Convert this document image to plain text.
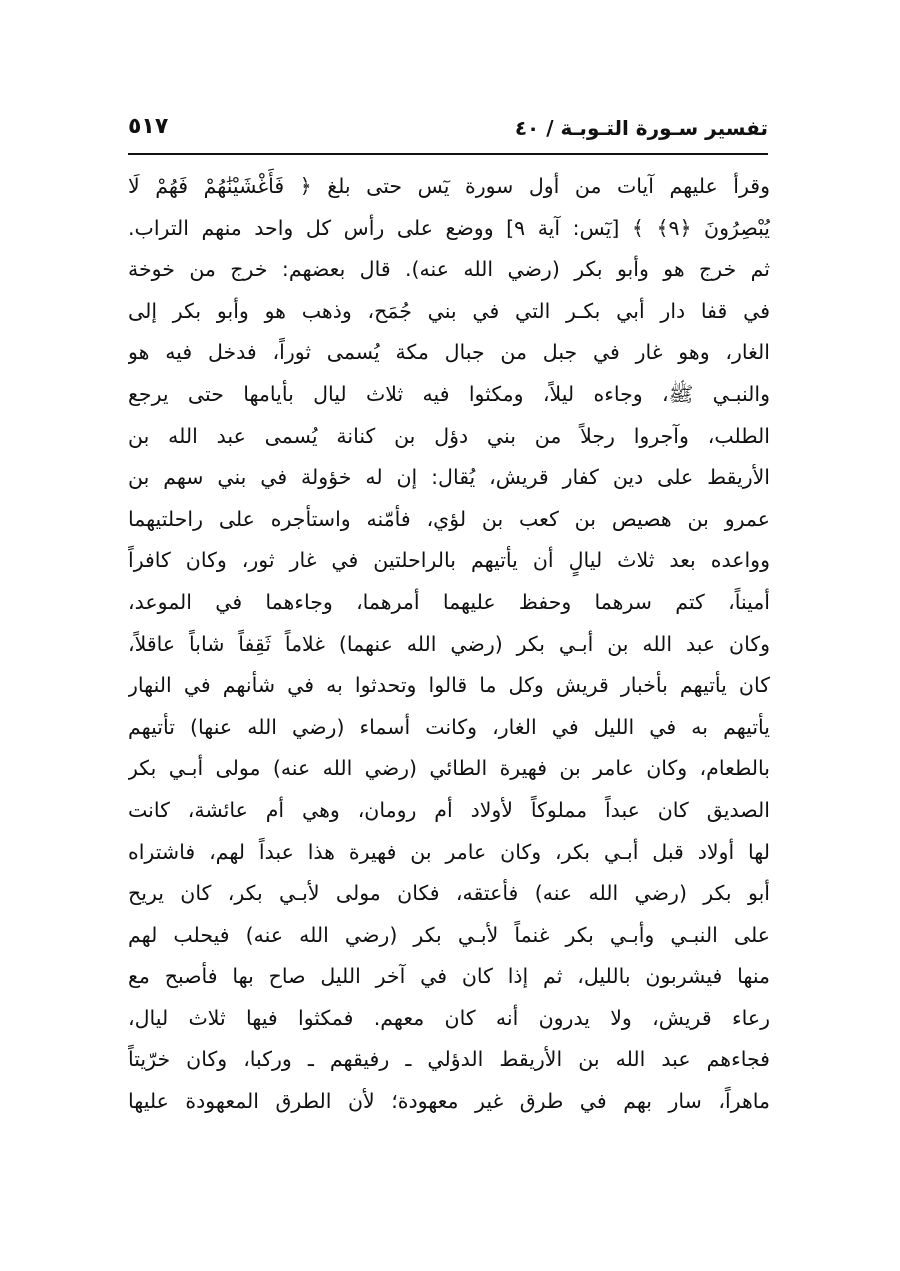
تفسير سـورة التـوبـة / ٤٠
٥١٧
وقرأ عليهم آيات من أول سورة يٓس حتى بلغ ﴿ فَأَغْشَيْنَٰهُمْ فَهُمْ لَا
يُبْصِرُونَ ﴿٩﴾ ﴾ [يٓس: آية ٩] ووضع على رأس كل واحد منهم التراب.
ثم خرج هو وأبو بكر (رضي الله عنه). قال بعضهم: خرج من خوخة
في قفا دار أبي بكـر التي في بني جُمَح، وذهب هو وأبو بكر إلى
الغار، وهو غار في جبل من جبال مكة يُسمى ثوراً، فدخل فيه هو
والنبـي ﷺ، وجاءه ليلاً، ومكثوا فيه ثلاث ليال بأيامها حتى يرجع
الطلب، وآجروا رجلاً من بني دؤل بن كنانة يُسمى عبد الله بن
الأريقط على دين كفار قريش، يُقال: إن له خؤولة في بني سهم بن
عمرو بن هصيص بن كعب بن لؤي، فأمّنه واستأجره على راحلتيهما
وواعده بعد ثلاث ليالٍ أن يأتيهم بالراحلتين في غار ثور، وكان كافراً
أميناً، كتم سرهما وحفظ عليهما أمرهما، وجاءهما في الموعد،
وكان عبد الله بن أبـي بكر (رضي الله عنهما) غلاماً ثَقِفاً شاباً عاقلاً،
كان يأتيهم بأخبار قريش وكل ما قالوا وتحدثوا به في شأنهم في النهار
يأتيهم به في الليل في الغار، وكانت أسماء (رضي الله عنها) تأتيهم
بالطعام، وكان عامر بن فهيرة الطائي (رضي الله عنه) مولى أبـي بكر
الصديق كان عبداً مملوكاً لأولاد أم رومان، وهي أم عائشة، كانت
لها أولاد قبل أبـي بكر، وكان عامر بن فهيرة هذا عبداً لهم، فاشتراه
أبو بكر (رضي الله عنه) فأعتقه، فكان مولى لأبـي بكر، كان يريح
على النبـي وأبـي بكر غنماً لأبـي بكر (رضي الله عنه) فيحلب لهم
منها فيشربون بالليل، ثم إذا كان في آخر الليل صاح بها فأصبح مع
رعاء قريش، ولا يدرون أنه كان معهم. فمكثوا فيها ثلاث ليال،
فجاءهم عبد الله بن الأريقط الدؤلي ـ رفيقهم ـ وركبا، وكان خرّيتاً
ماهراً، سار بهم في طرق غير معهودة؛ لأن الطرق المعهودة عليها
